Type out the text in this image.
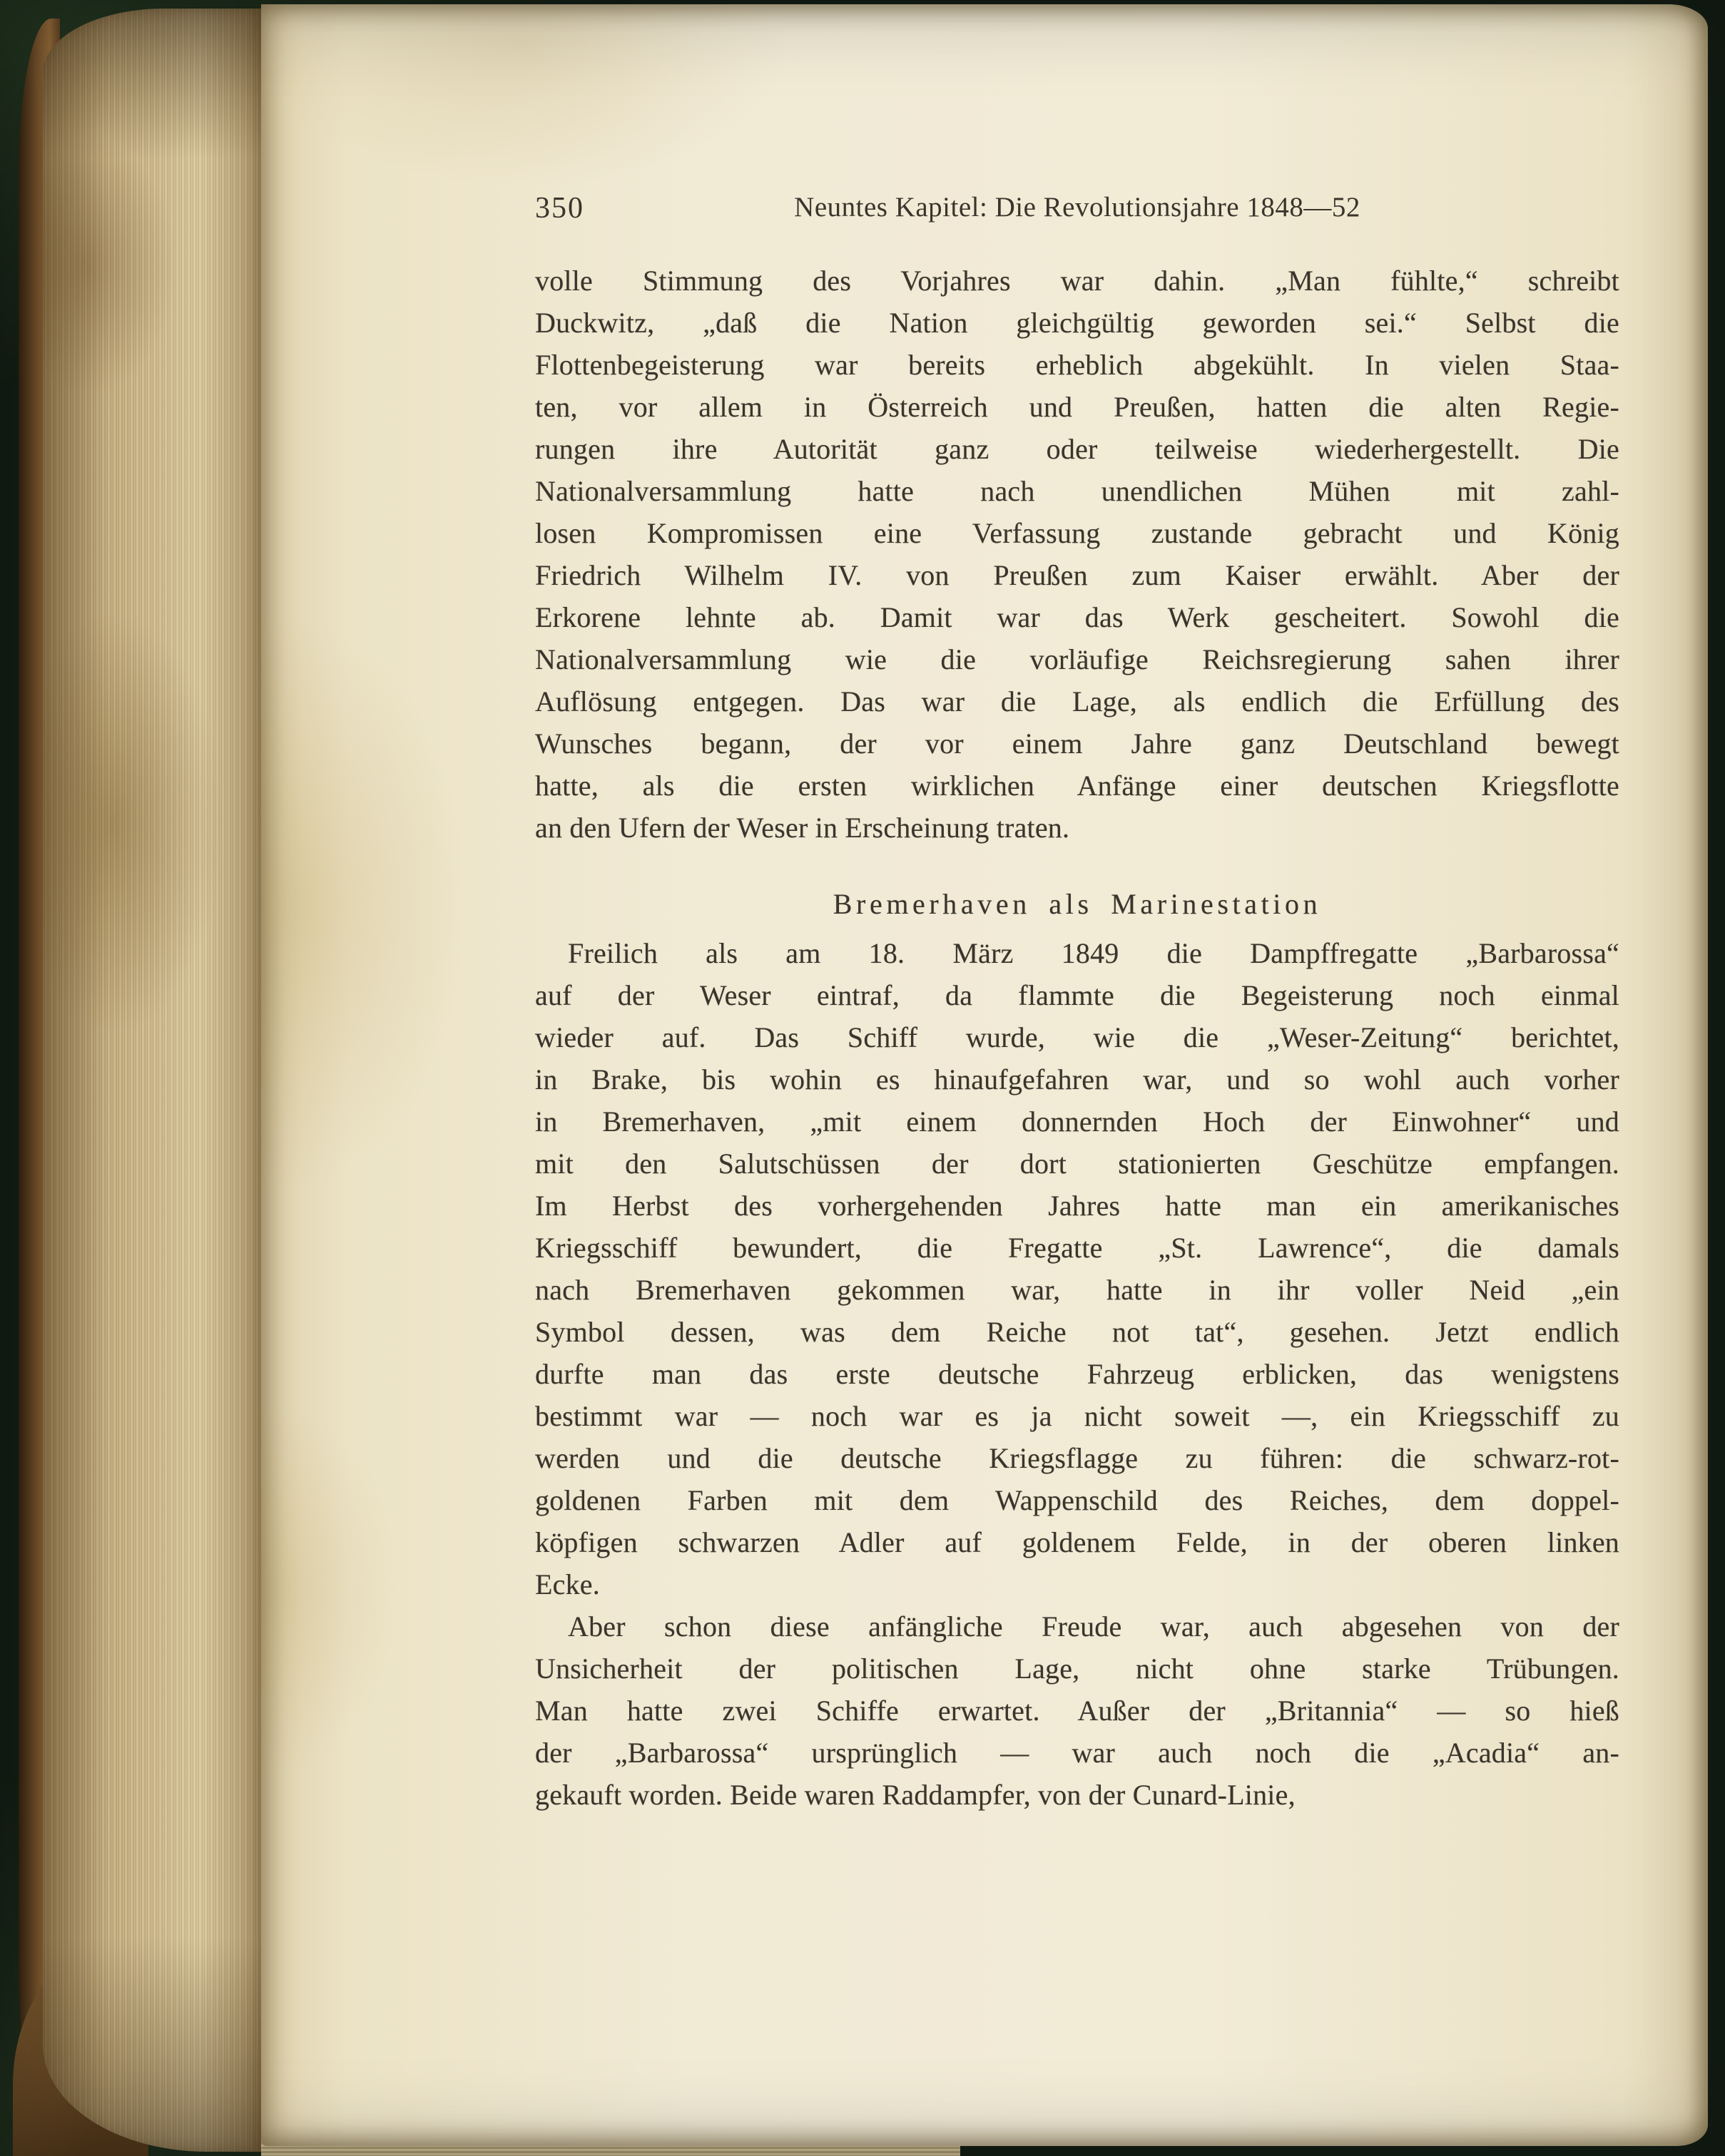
350	Neuntes Kapitel: Die Revolutionsjahre 1848—52
volle Stimmung des Vorjahres war dahin. „Man fühlte,“ schreibt
Duckwitz, „daß die Nation gleichgültig geworden sei.“ Selbst die
Flottenbegeisterung war bereits erheblich abgekühlt. In vielen Staa-
ten, vor allem in Österreich und Preußen, hatten die alten Regie-
rungen ihre Autorität ganz oder teilweise wiederhergestellt. Die
Nationalversammlung hatte nach unendlichen Mühen mit zahl-
losen Kompromissen eine Verfassung zustande gebracht und König
Friedrich Wilhelm IV. von Preußen zum Kaiser erwählt. Aber der
Erkorene lehnte ab. Damit war das Werk gescheitert. Sowohl die
Nationalversammlung wie die vorläufige Reichsregierung sahen ihrer
Auflösung entgegen. Das war die Lage, als endlich die Erfüllung des
Wunsches begann, der vor einem Jahre ganz Deutschland bewegt
hatte, als die ersten wirklichen Anfänge einer deutschen Kriegsflotte
an den Ufern der Weser in Erscheinung traten.
Bremerhaven als Marinestation
Freilich als am 18. März 1849 die Dampffregatte „Barbarossa“
auf der Weser eintraf, da flammte die Begeisterung noch einmal
wieder auf. Das Schiff wurde, wie die „Weser-Zeitung“ berichtet,
in Brake, bis wohin es hinaufgefahren war, und so wohl auch vorher
in Bremerhaven, „mit einem donnernden Hoch der Einwohner“ und
mit den Salutschüssen der dort stationierten Geschütze empfangen.
Im Herbst des vorhergehenden Jahres hatte man ein amerikanisches
Kriegsschiff bewundert, die Fregatte „St. Lawrence“, die damals
nach Bremerhaven gekommen war, hatte in ihr voller Neid „ein
Symbol dessen, was dem Reiche not tat“, gesehen. Jetzt endlich
durfte man das erste deutsche Fahrzeug erblicken, das wenigstens
bestimmt war — noch war es ja nicht soweit —, ein Kriegsschiff zu
werden und die deutsche Kriegsflagge zu führen: die schwarz-rot-
goldenen Farben mit dem Wappenschild des Reiches, dem doppel-
köpfigen schwarzen Adler auf goldenem Felde, in der oberen linken
Ecke.
Aber schon diese anfängliche Freude war, auch abgesehen von der
Unsicherheit der politischen Lage, nicht ohne starke Trübungen.
Man hatte zwei Schiffe erwartet. Außer der „Britannia“ — so hieß
der „Barbarossa“ ursprünglich — war auch noch die „Acadia“ an-
gekauft worden. Beide waren Raddampfer, von der Cunard-Linie,
